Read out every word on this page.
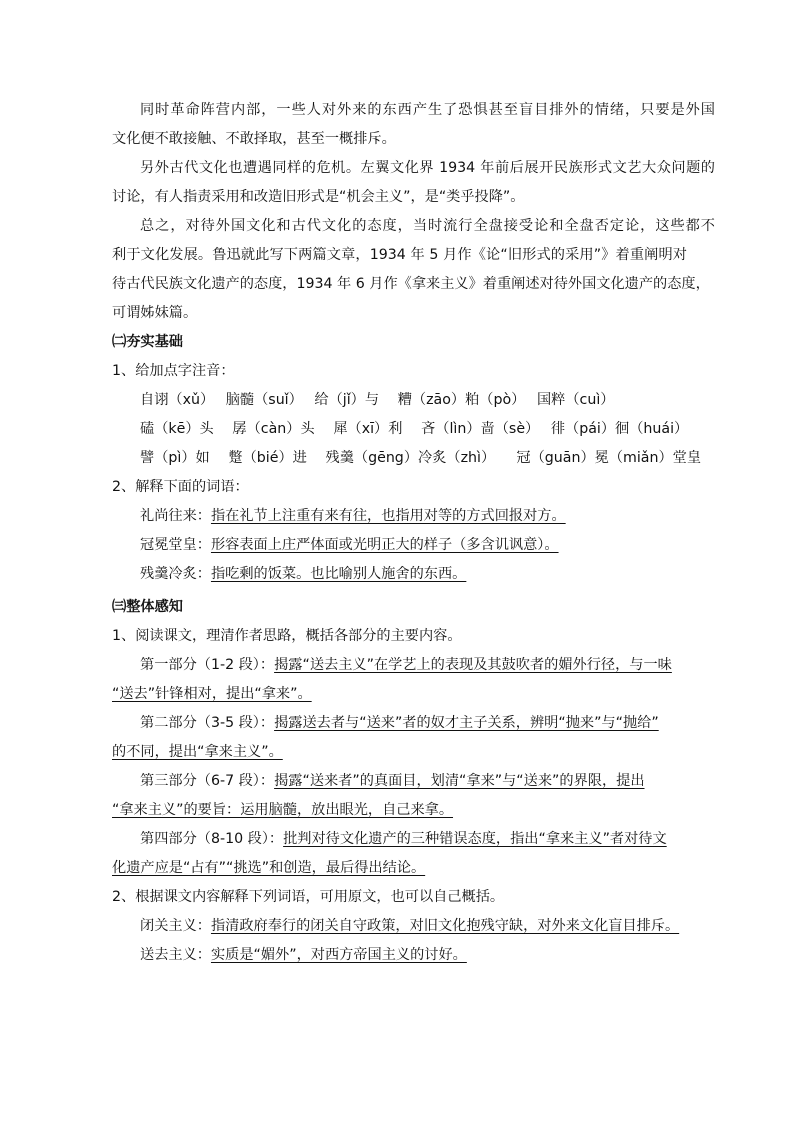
同时革命阵营内部，一些人对外来的东西产生了恐惧甚至盲目排外的情绪，只要是外国

文化便不敢接触、不敢择取，甚至一概排斥。

另外古代文化也遭遇同样的危机。左翼文化界 1934 年前后展开民族形式文艺大众问题的

讨论，有人指责采用和改造旧形式是“机会主义”，是“类乎投降”。

总之，对待外国文化和古代文化的态度，当时流行全盘接受论和全盘否定论，这些都不

利于文化发展。鲁迅就此写下两篇文章，1934 年 5 月作《论“旧形式的采用”》着重阐明对

待古代民族文化遗产的态度，1934 年 6 月作《拿来主义》着重阐述对待外国文化遗产的态度，

可谓姊妹篇。

㈡夯实基础

1、给加点字注音：

自诩（xǔ）　 脑髓（suǐ）　 给（jǐ）与　 糟（zāo）粕（pò）　 国粹（cuì）

磕（kē）头　 孱（càn）头　 犀（xī）利　 吝（lìn）啬（sè）　 徘（pái）徊（huái）

譬（pì）如　 蹩（bié）进　 残羹（gēng）冷炙（zhì）　　冠（guān）冕（miǎn）堂皇

2、解释下面的词语：

礼尚往来：指在礼节上注重有来有往，也指用对等的方式回报对方。

冠冕堂皇：形容表面上庄严体面或光明正大的样子（多含讥讽意）。

残羹冷炙：指吃剩的饭菜。也比喻别人施舍的东西。

㈢整体感知

1、阅读课文，理清作者思路，概括各部分的主要内容。

第一部分（1-2 段）：揭露“送去主义”在学艺上的表现及其鼓吹者的媚外行径，与一味

“送去”针锋相对，提出“拿来”。

第二部分（3-5 段）：揭露送去者与“送来”者的奴才主子关系，辨明“抛来”与“抛给”

的不同，提出“拿来主义”。

第三部分（6-7 段）：揭露“送来者”的真面目，划清“拿来”与“送来”的界限，提出

“拿来主义”的要旨：运用脑髓，放出眼光，自己来拿。

第四部分（8-10 段）：批判对待文化遗产的三种错误态度，指出“拿来主义”者对待文

化遗产应是“占有”“挑选”和创造，最后得出结论。

2、根据课文内容解释下列词语，可用原文，也可以自己概括。

闭关主义：指清政府奉行的闭关自守政策，对旧文化抱残守缺，对外来文化盲目排斥。

送去主义：实质是“媚外”，对西方帝国主义的讨好。
